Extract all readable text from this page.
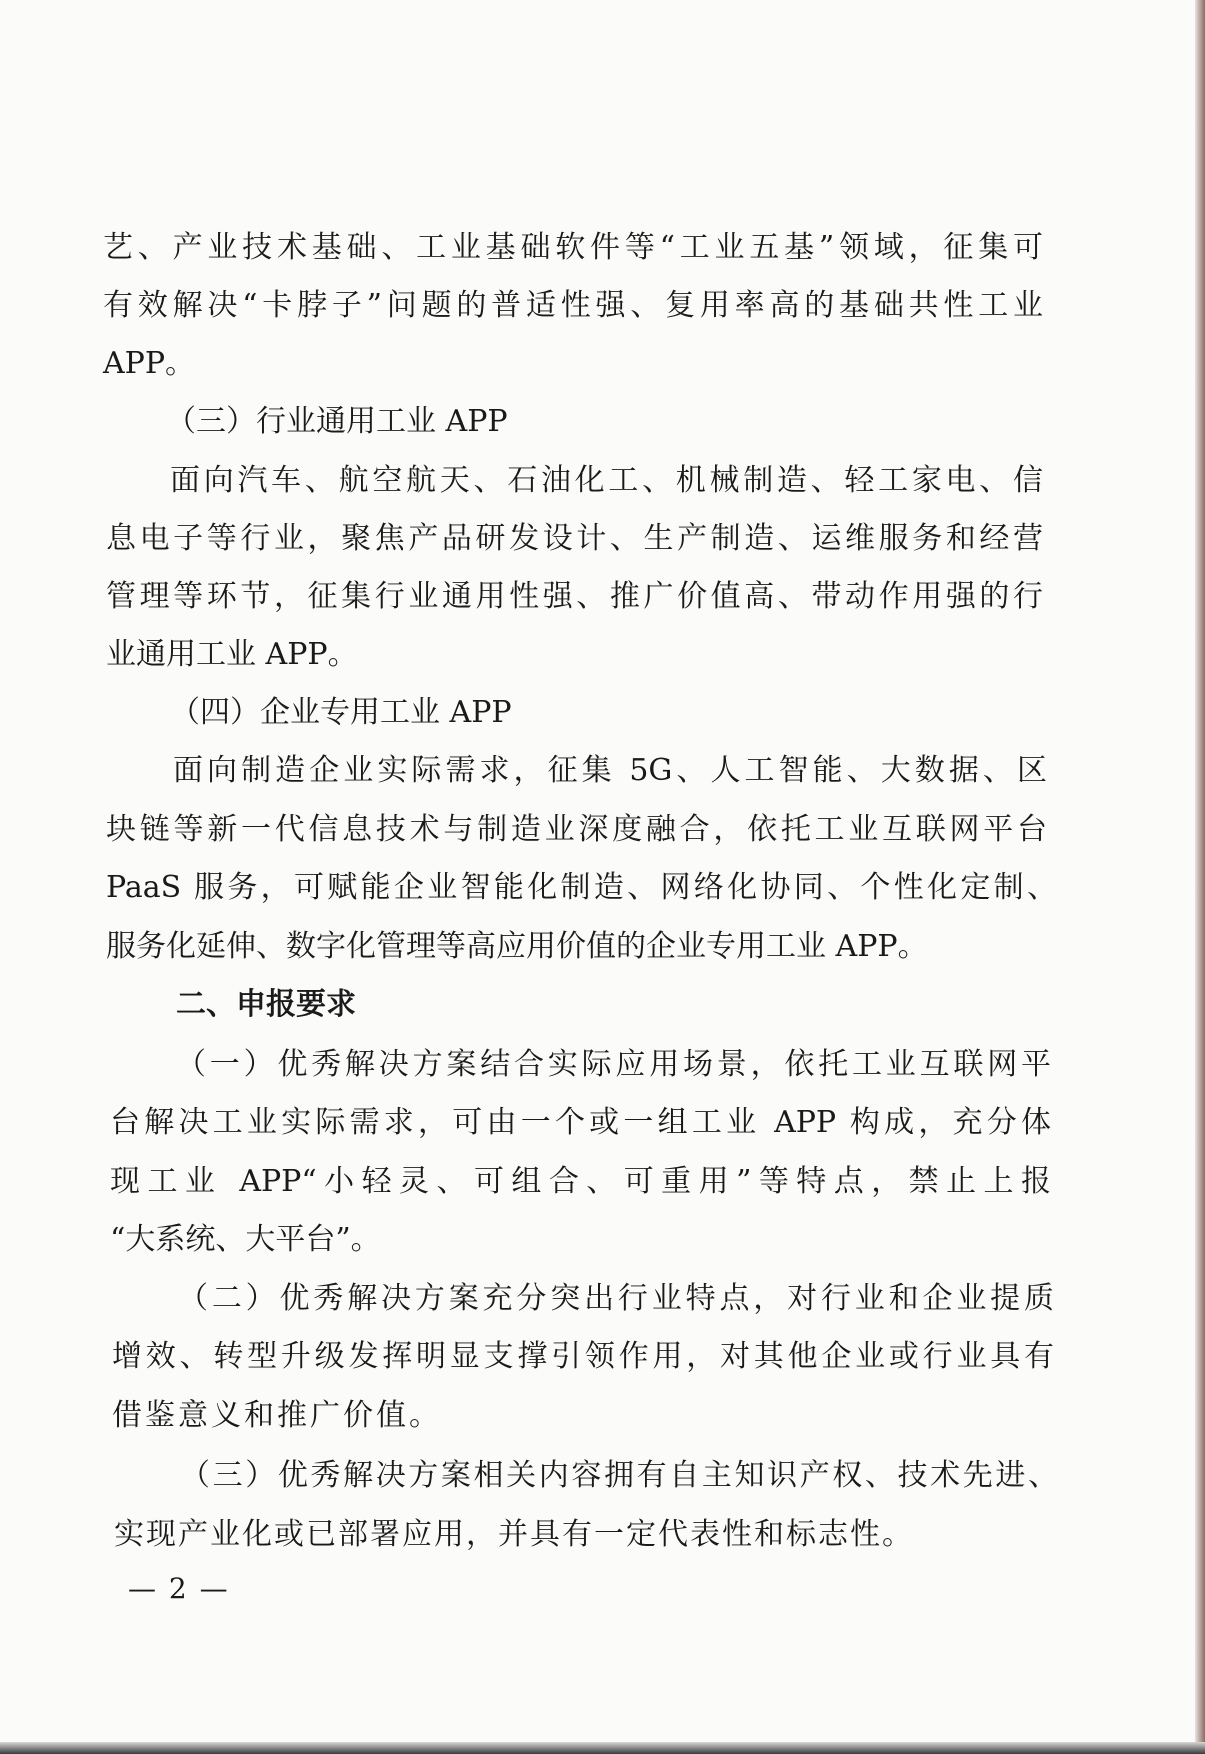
艺、产业技术基础、工业基础软件等“工业五基”领域，征集可
有效解决“卡脖子”问题的普适性强、复用率高的基础共性工业
APP。
（三）行业通用工业 APP
面向汽车、航空航天、石油化工、机械制造、轻工家电、信
息电子等行业，聚焦产品研发设计、生产制造、运维服务和经营
管理等环节，征集行业通用性强、推广价值高、带动作用强的行
业通用工业 APP。
（四）企业专用工业 APP
面向制造企业实际需求，征集 5G、人工智能、大数据、区
块链等新一代信息技术与制造业深度融合，依托工业互联网平台
PaaS 服务，可赋能企业智能化制造、网络化协同、个性化定制、
服务化延伸、数字化管理等高应用价值的企业专用工业 APP。
二、申报要求
（一）优秀解决方案结合实际应用场景，依托工业互联网平
台解决工业实际需求，可由一个或一组工业 APP 构成，充分体
现工业 APP“小轻灵、可组合、可重用”等特点，禁止上报
“大系统、大平台”。
（二）优秀解决方案充分突出行业特点，对行业和企业提质
增效、转型升级发挥明显支撑引领作用，对其他企业或行业具有
借鉴意义和推广价值。
（三）优秀解决方案相关内容拥有自主知识产权、技术先进、
实现产业化或已部署应用，并具有一定代表性和标志性。
— 2 —
